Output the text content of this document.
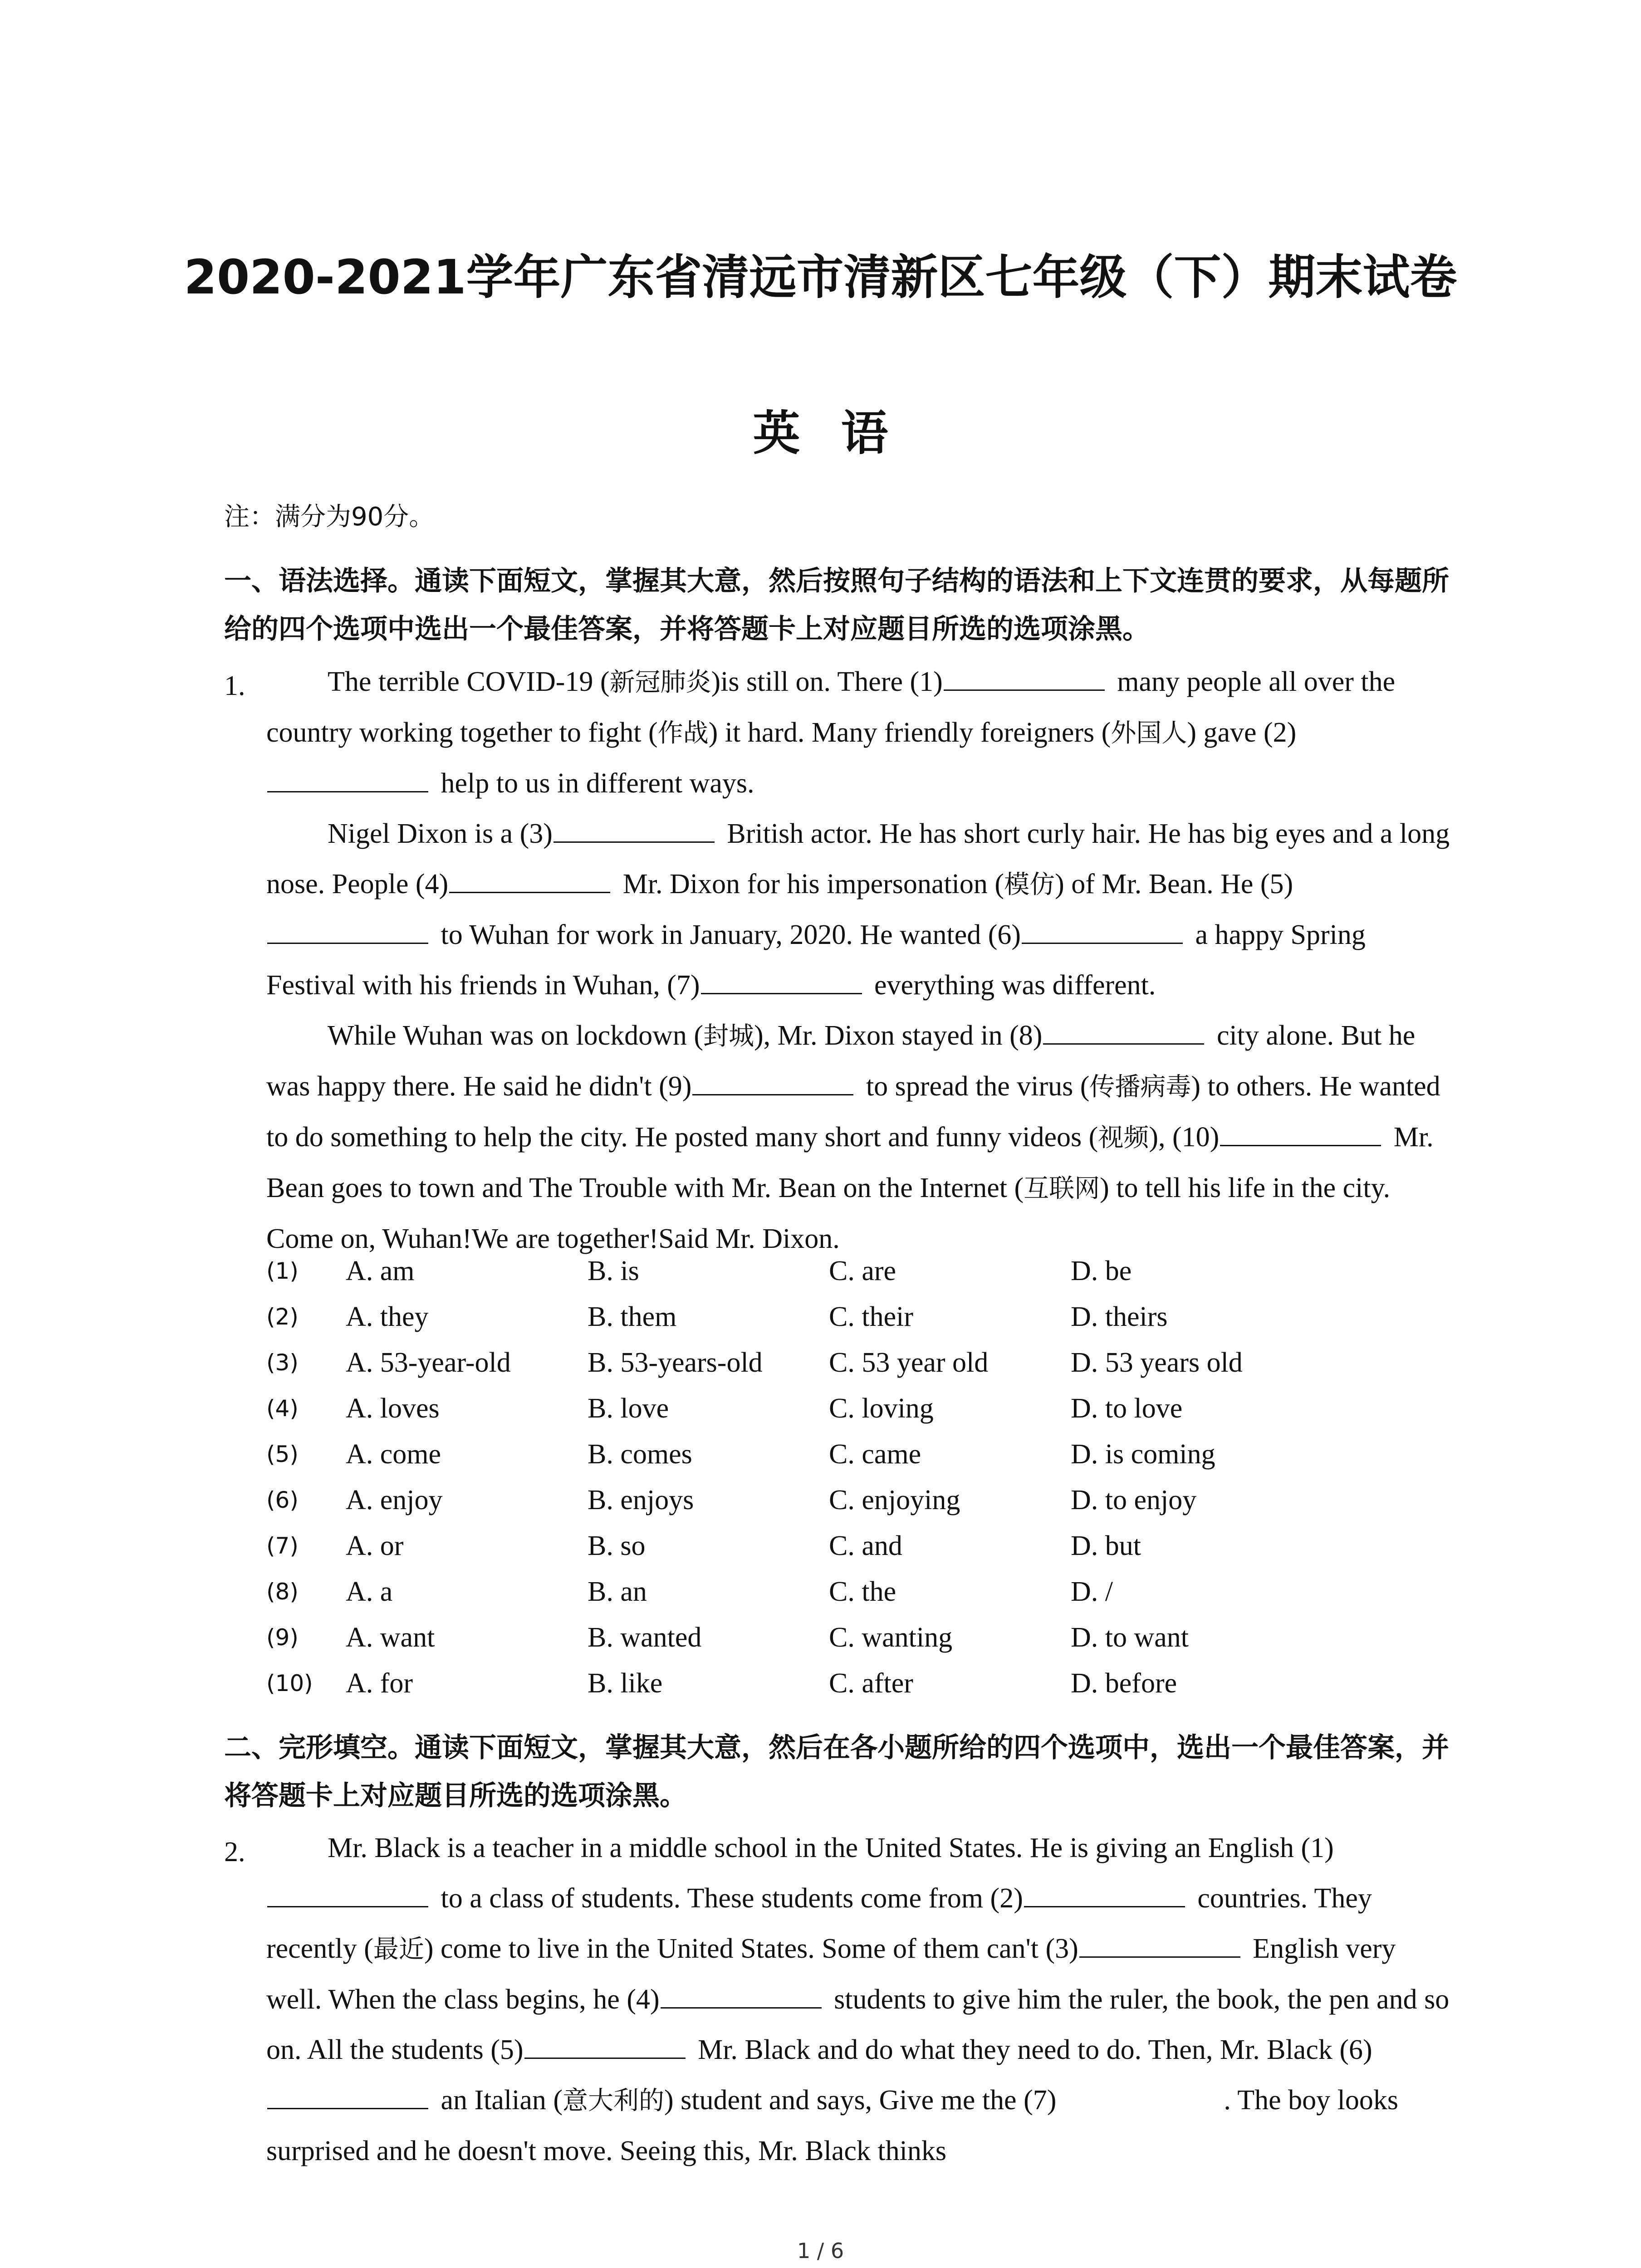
2020-2021学年广东省清远市清新区七年级（下）期末试卷
英语
注：满分为90分。
一、语法选择。通读下面短文，掌握其大意，然后按照句子结构的语法和上下文连贯的要求，从每题所给的四个选项中选出一个最佳答案，并将答题卡上对应题目所选的选项涂黑。
1.	The terrible COVID-19 (新冠肺炎)is still on. There (1)	many people all over the country working together to fight (作战) it hard. Many friendly foreigners (外国人) gave (2) help to us in different ways.

Nigel Dixon is a (3)	British actor. He has short curly hair. He has big eyes and a long nose. People (4)	Mr. Dixon for his impersonation (模仿) of Mr. Bean. He (5) to Wuhan for work in January, 2020. He wanted (6)	a happy Spring Festival with his friends in Wuhan, (7)	everything was different.

While Wuhan was on lockdown (封城), Mr. Dixon stayed in (8)	city alone. But he was happy there. He said he didn't (9)	to spread the virus (传播病毒) to others. He wanted to do something to help the city. He posted many short and funny videos (视频), (10)	Mr. Bean goes to town and The Trouble with Mr. Bean on the Internet (互联网) to tell his life in the city. Come on, Wuhan!We are together!Said Mr. Dixon.

(1) A. am	B. is	C. are	D. be
(2) A. they	B. them	C. their	D. theirs
(3) A. 53-year-old	B. 53-years-old C. 53 year old	D. 53 years old
(4) A. loves	B. love	C. loving	D. to love
(5) A. come	B. comes	C. came	D. is coming
(6) A. enjoy	B. enjoys	C. enjoying	D. to enjoy
(7) A. or	B. so	C. and	D. but
(8) A. a	B. an	C. the	D. /
(9) A. want	B. wanted	C. wanting	D. to want
(10) A. for	B. like	C. after	D. before
二、完形填空。通读下面短文，掌握其大意，然后在各小题所给的四个选项中，选出一个最佳答案，并将答题卡上对应题目所选的选项涂黑。
2.	Mr. Black is a teacher in a middle school in the United States. He is giving an English (1) to a class of students. These students come from (2)	countries. They recently (最近) come to live in the United States. Some of them can't (3)	English very well. When the class begins, he (4)	students to give him the ruler, the book, the pen and so on. All the students (5)	Mr. Black and do what they need to do. Then, Mr. Black (6) an Italian (意大利的) student and says, Give me the (7)	. The boy looks surprised and he doesn't move. Seeing this, Mr. Black thinks

1 / 6
